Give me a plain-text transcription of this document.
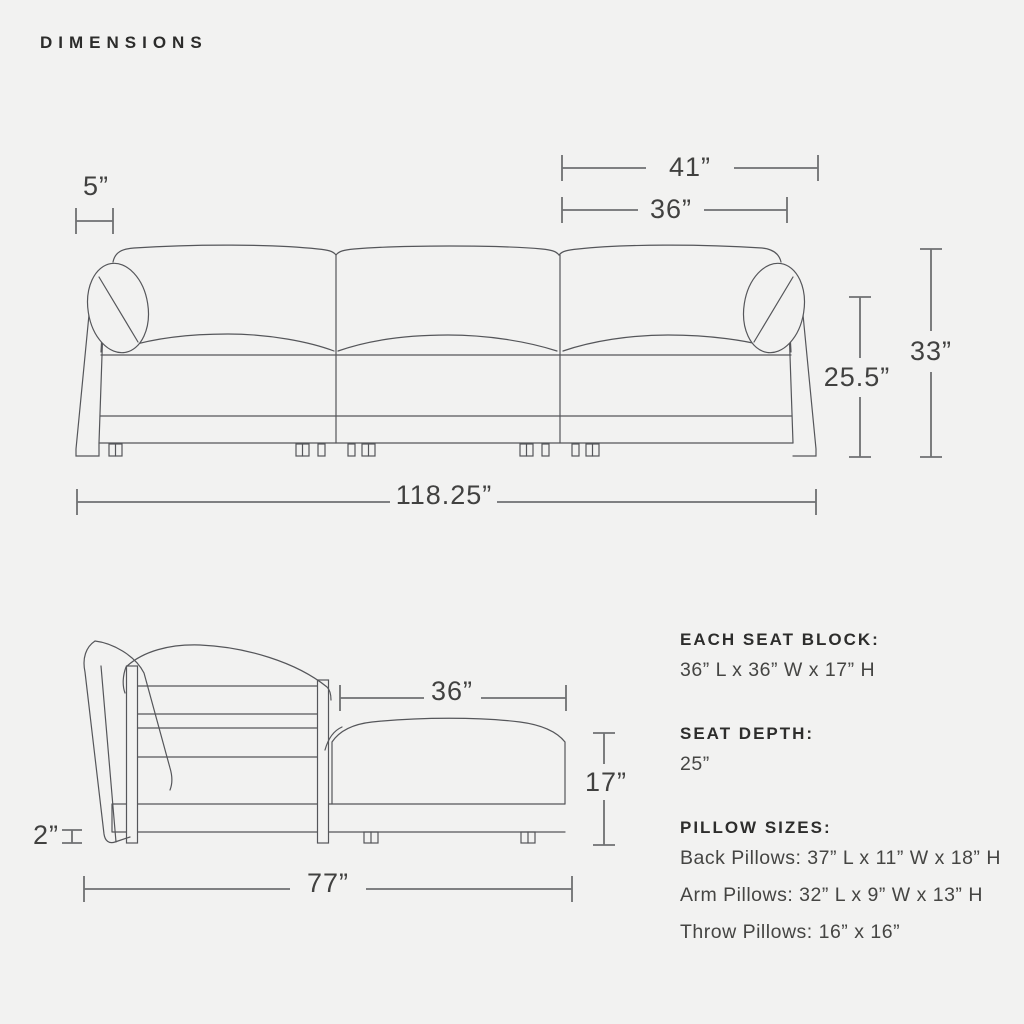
DIMENSIONS
5”
41”
36”
25.5”
33”
118.25”
36”
17”
2”
77”

EACH SEAT BLOCK:

36” L x 36” W x 17” H

SEAT DEPTH:

25”

PILLOW SIZES:

Back Pillows: 37” L x 11” W x 18” H

Arm Pillows: 32” L x 9” W x 13” H

Throw Pillows: 16” x 16”
